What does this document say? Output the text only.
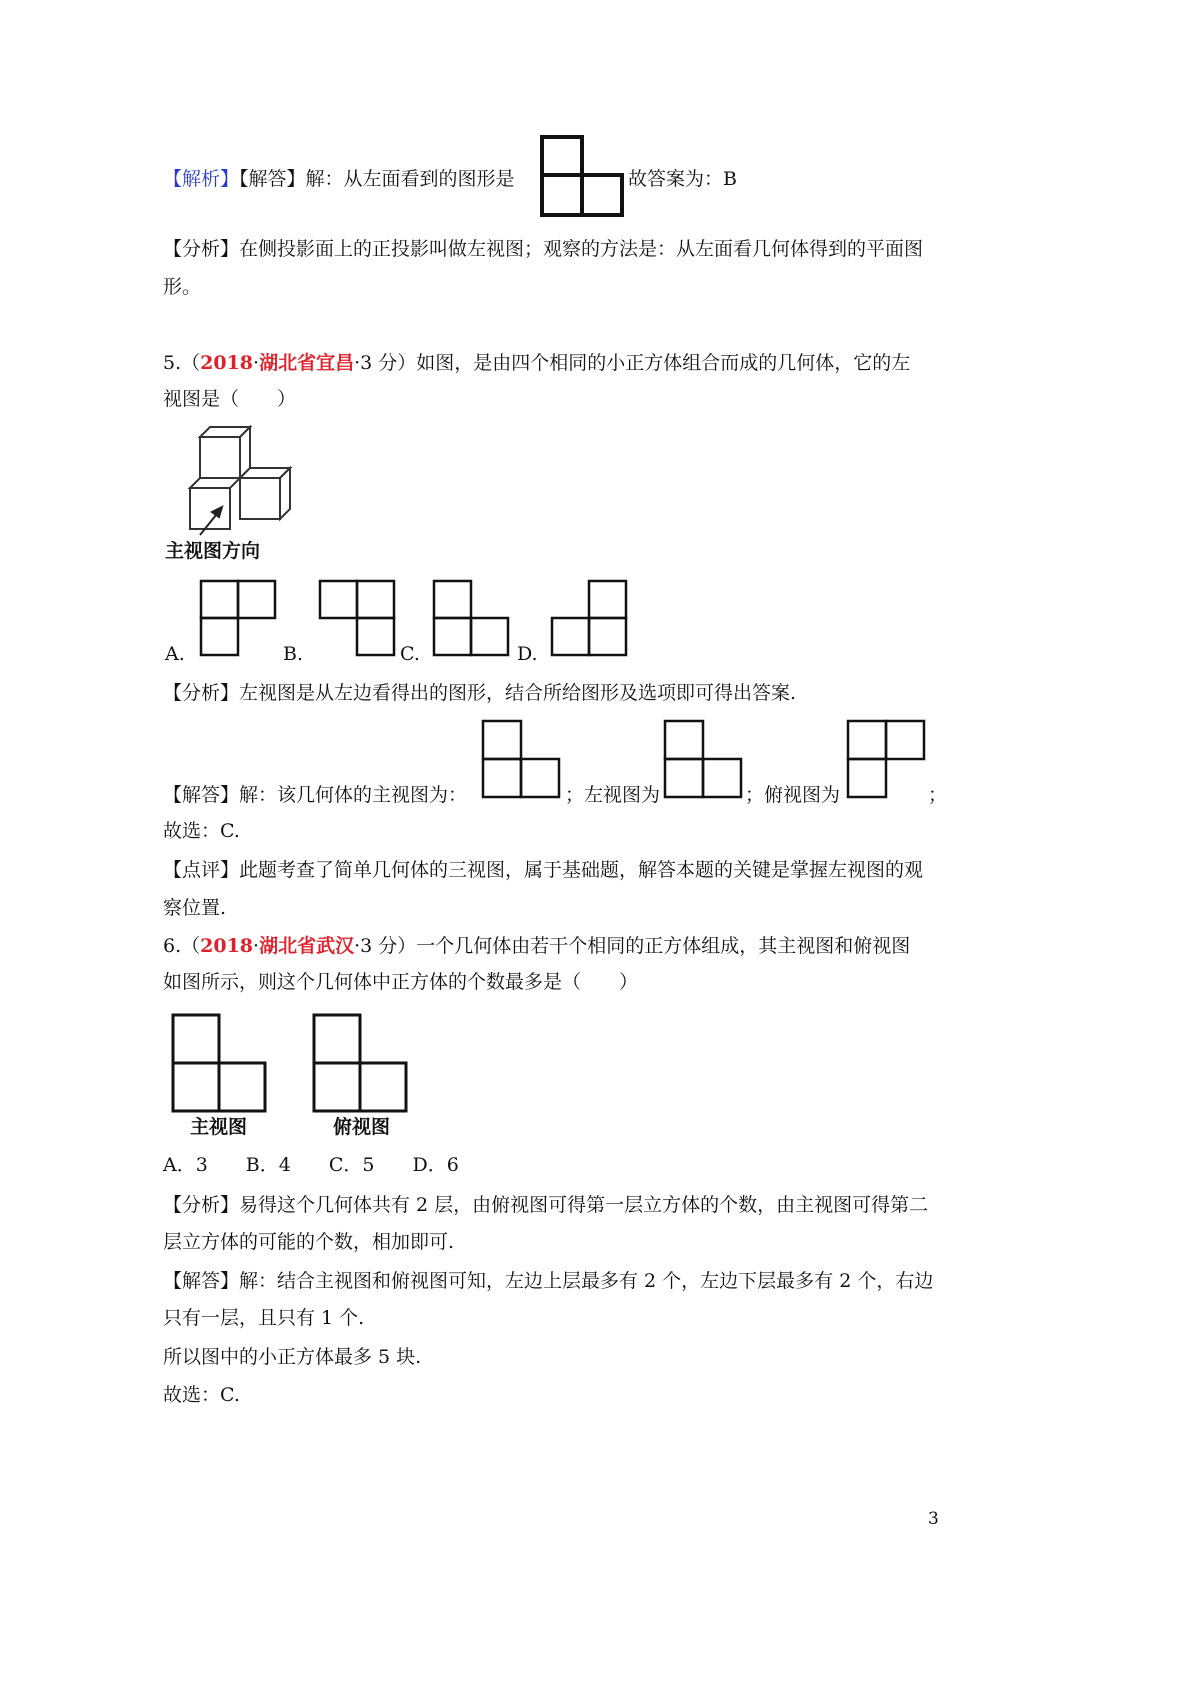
【解析】【解答】解：从左面看到的图形是	故答案为：B
【分析】在侧投影面上的正投影叫做左视图；观察的方法是：从左面看几何体得到的平面图
形。
5.（2018·湖北省宜昌·3 分）如图，是由四个相同的小正方体组合而成的几何体，它的左
视图是（　　）
主视图方向
A.	B.	C.	D.
【分析】左视图是从左边看得出的图形，结合所给图形及选项即可得出答案.
【解答】解：该几何体的主视图为：	；左视图为	；俯视图为	；
故选：C.
【点评】此题考查了简单几何体的三视图，属于基础题，解答本题的关键是掌握左视图的观
察位置.
6.（2018·湖北省武汉·3 分）一个几何体由若干个相同的正方体组成，其主视图和俯视图
如图所示，则这个几何体中正方体的个数最多是（　　）
主视图	俯视图
A．3　　B．4　　C．5　　D．6
【分析】易得这个几何体共有 2 层，由俯视图可得第一层立方体的个数，由主视图可得第二
层立方体的可能的个数，相加即可.
【解答】解：结合主视图和俯视图可知，左边上层最多有 2 个，左边下层最多有 2 个，右边
只有一层，且只有 1 个.
所以图中的小正方体最多 5 块.
故选：C.
3
